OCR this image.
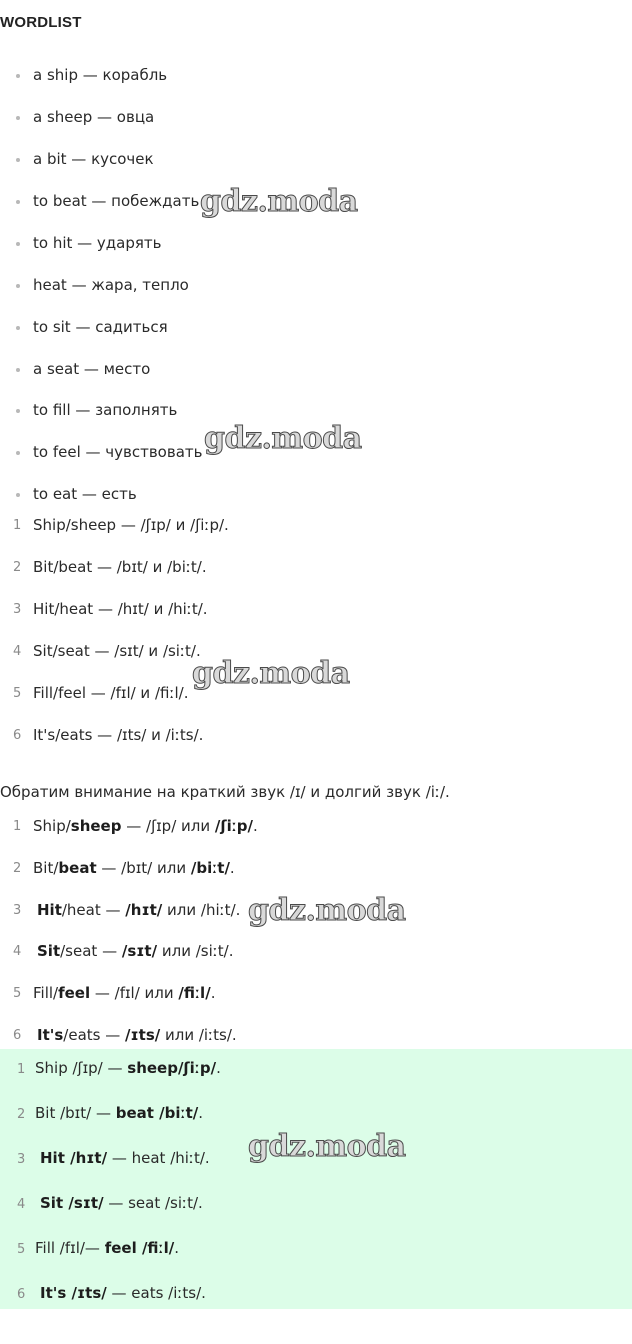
WORDLIST
a ship — корабль
a sheep — овца
a bit — кусочек
to beat — побеждать
to hit — ударять
heat — жара, тепло
to sit — садиться
a seat — место
to fill — заполнять
to feel — чувствовать
to eat — есть
1 Ship/sheep — /ʃɪp/ и /ʃiːp/.
2 Bit/beat — /bɪt/ и /biːt/.
3 Hit/heat — /hɪt/ и /hiːt/.
4 Sit/seat — /sɪt/ и /siːt/.
5 Fill/feel — /fɪl/ и /fiːl/.
6 It's/eats — /ɪts/ и /iːts/.
Обратим внимание на краткий звук /ɪ/ и долгий звук /iː/.
1 Ship/sheep — /ʃɪp/ или /ʃiːp/.
2 Bit/beat — /bɪt/ или /biːt/.
3 Hit/heat — /hɪt/ или /hiːt/.
4 Sit/seat — /sɪt/ или /siːt/.
5 Fill/feel — /fɪl/ или /fiːl/.
6 It's/eats — /ɪts/ или /iːts/.
1 Ship /ʃɪp/ — sheep/ʃiːp/.
2 Bit /bɪt/ — beat /biːt/.
3 Hit /hɪt/ — heat /hiːt/.
4 Sit /sɪt/ — seat /siːt/.
5 Fill /fɪl/— feel /fiːl/.
6 It's /ɪts/ — eats /iːts/.
gdz.moda
gdz.moda
gdz.moda
gdz.moda
gdz.moda
